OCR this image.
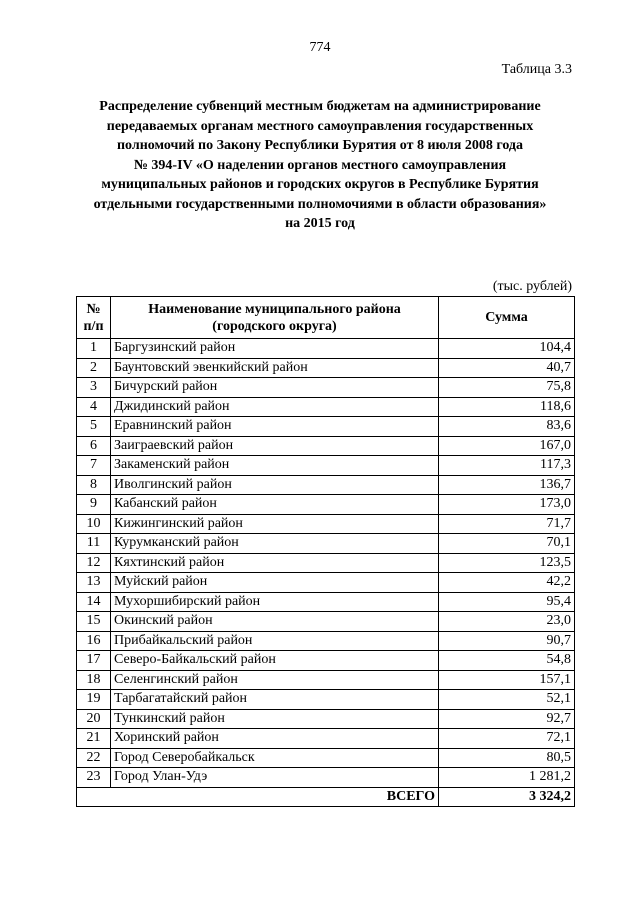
774
Таблица 3.3
Распределение субвенций местным бюджетам на администрирование
передаваемых органам местного самоуправления государственных
полномочий по Закону Республики Бурятия от 8 июля 2008 года
№ 394-IV «О наделении органов местного самоуправления
муниципальных районов и городских округов в Республике Бурятия
отдельными государственными полномочиями в области образования»
на 2015 год
(тыс. рублей)
№ п/п	Наименование муниципального района (городского округа)	Сумма
1	Баргузинский район	104,4
2	Баунтовский эвенкийский район	40,7
3	Бичурский район	75,8
4	Джидинский район	118,6
5	Еравнинский район	83,6
6	Заиграевский район	167,0
7	Закаменский район	117,3
8	Иволгинский район	136,7
9	Кабанский район	173,0
10	Кижингинский район	71,7
11	Курумканский район	70,1
12	Кяхтинский район	123,5
13	Муйский район	42,2
14	Мухоршибирский район	95,4
15	Окинский район	23,0
16	Прибайкальский район	90,7
17	Северо-Байкальский район	54,8
18	Селенгинский район	157,1
19	Тарбагатайский район	52,1
20	Тункинский район	92,7
21	Хоринский район	72,1
22	Город Северобайкальск	80,5
23	Город Улан-Удэ	1 281,2
ВСЕГО		3 324,2
